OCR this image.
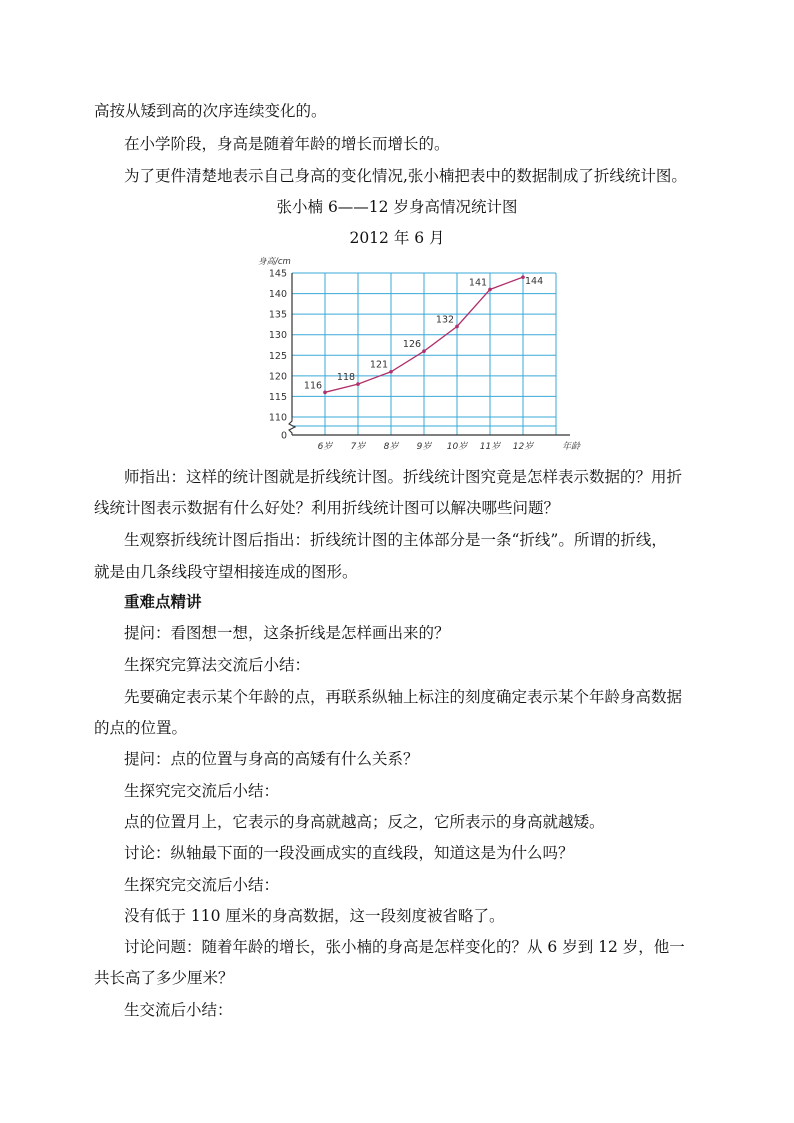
高按从矮到高的次序连续变化的。

在小学阶段，身高是随着年龄的增长而增长的。

为了更件清楚地表示自己身高的变化情况,张小楠把表中的数据制成了折线统计图。

张小楠 6——12 岁身高情况统计图

2012 年 6 月

110
115
120
125
130
135
140
145
0
身高/cm
6岁 7岁 8岁 9岁 10岁 11岁 12岁	年龄
116
118
121
126
132
141	144

师指出：这样的统计图就是折线统计图。折线统计图究竟是怎样表示数据的？用折

线统计图表示数据有什么好处？利用折线统计图可以解决哪些问题？

生观察折线统计图后指出：折线统计图的主体部分是一条“折线”。所谓的折线，

就是由几条线段守望相接连成的图形。

重难点精讲

提问：看图想一想，这条折线是怎样画出来的？

生探究完算法交流后小结：

先要确定表示某个年龄的点，再联系纵轴上标注的刻度确定表示某个年龄身高数据

的点的位置。

提问：点的位置与身高的高矮有什么关系？

生探究完交流后小结：

点的位置月上，它表示的身高就越高；反之，它所表示的身高就越矮。

讨论：纵轴最下面的一段没画成实的直线段，知道这是为什么吗？

生探究完交流后小结：

没有低于 110 厘米的身高数据，这一段刻度被省略了。

讨论问题：随着年龄的增长，张小楠的身高是怎样变化的？从 6 岁到 12 岁，他一

共长高了多少厘米？

生交流后小结：
